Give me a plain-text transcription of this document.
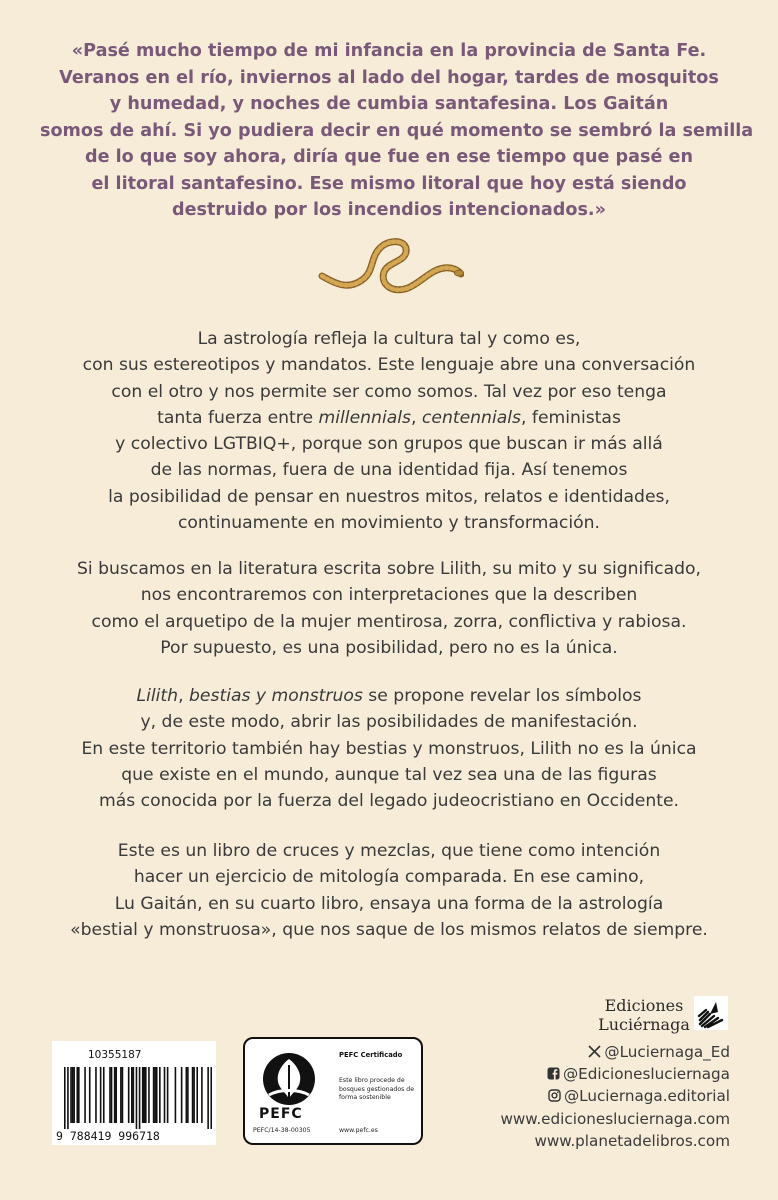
«Pasé mucho tiempo de mi infancia en la provincia de Santa Fe.
Veranos en el río, inviernos al lado del hogar, tardes de mosquitos
y humedad, y noches de cumbia santafesina. Los Gaitán
somos de ahí. Si yo pudiera decir en qué momento se sembró la semilla
de lo que soy ahora, diría que fue en ese tiempo que pasé en
el litoral santafesino. Ese mismo litoral que hoy está siendo
destruido por los incendios intencionados.»
La astrología refleja la cultura tal y como es,
con sus estereotipos y mandatos. Este lenguaje abre una conversación
con el otro y nos permite ser como somos. Tal vez por eso tenga
tanta fuerza entre millennials, centennials, feministas
y colectivo LGTBIQ+, porque son grupos que buscan ir más allá
de las normas, fuera de una identidad fija. Así tenemos
la posibilidad de pensar en nuestros mitos, relatos e identidades,
continuamente en movimiento y transformación.
Si buscamos en la literatura escrita sobre Lilith, su mito y su significado,
nos encontraremos con interpretaciones que la describen
como el arquetipo de la mujer mentirosa, zorra, conflictiva y rabiosa.
Por supuesto, es una posibilidad, pero no es la única.
Lilith, bestias y monstruos se propone revelar los símbolos
y, de este modo, abrir las posibilidades de manifestación.
En este territorio también hay bestias y monstruos, Lilith no es la única
que existe en el mundo, aunque tal vez sea una de las figuras
más conocida por la fuerza del legado judeocristiano en Occidente.
Este es un libro de cruces y mezclas, que tiene como intención
hacer un ejercicio de mitología comparada. En ese camino,
Lu Gaitán, en su cuarto libro, ensaya una forma de la astrología
«bestial y monstruosa», que nos saque de los mismos relatos de siempre.
Ediciones
Luciérnaga
@Luciernaga_Ed
@Edicionesluciernaga
@Luciernaga.editorial
www.edicionesluciernaga.com
www.planetadelibros.com
10355187
9 788419 996718
PEFC
PEFC/14-38-00305
PEFC Certificado
Este libro procede de bosques gestionados de forma sostenible
www.pefc.es
